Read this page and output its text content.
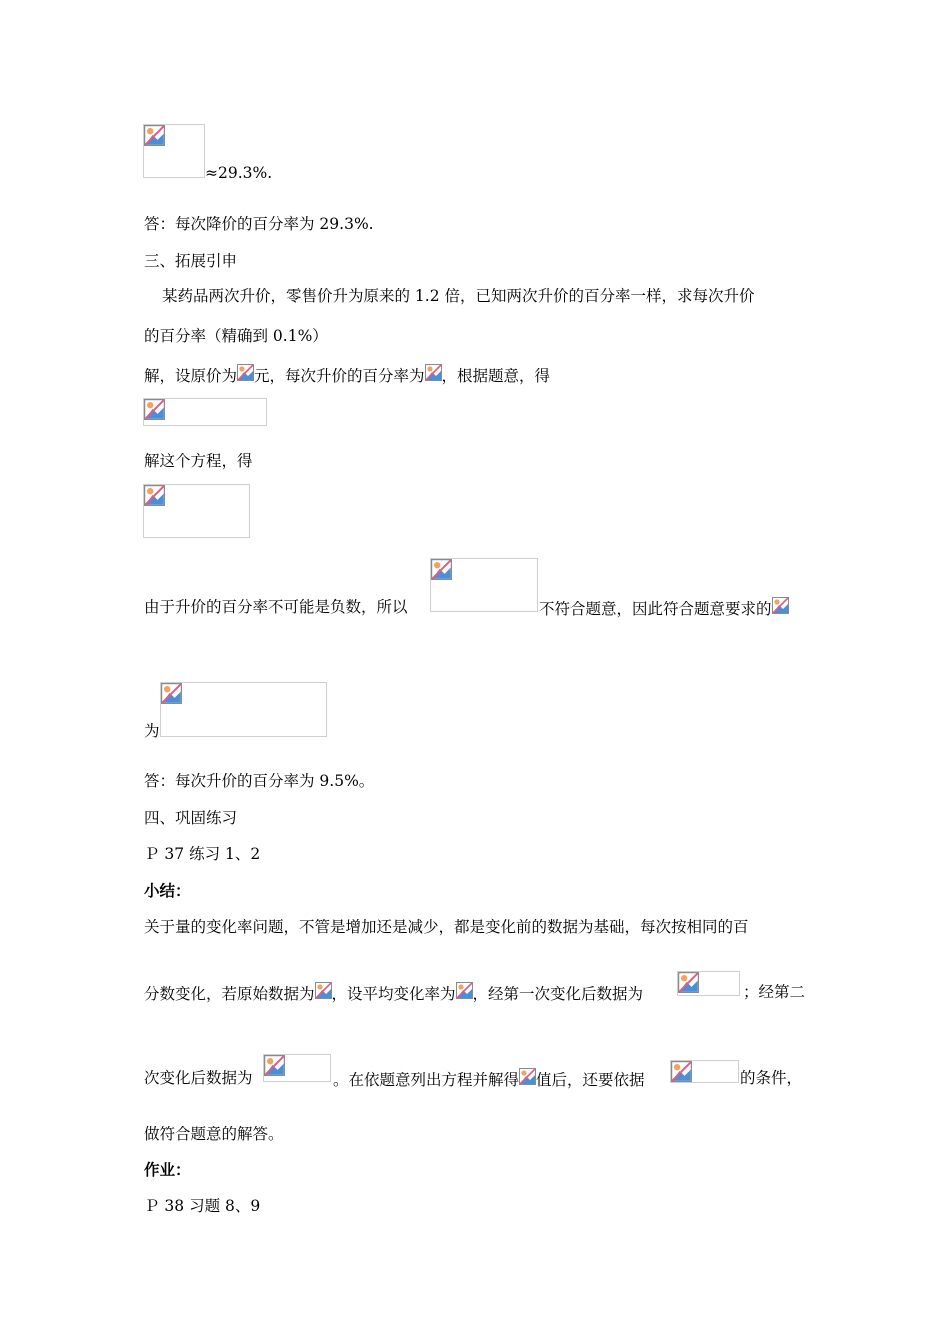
≈29.3%.
答：每次降价的百分率为 29.3%.
三、拓展引申
某药品两次升价，零售价升为原来的 1.2 倍，已知两次升价的百分率一样，求每次升价
的百分率（精确到 0.1%）
解，设原价为 元，每次升价的百分率为 ，根据题意，得
解这个方程，得
由于升价的百分率不可能是负数，所以	不符合题意，因此符合题意要求的
为
答：每次升价的百分率为 9.5%。
四、巩固练习
Ｐ 37 练习 1、2
小结：
关于量的变化率问题，不管是增加还是减少，都是变化前的数据为基础，每次按相同的百
分数变化，若原始数据为 ，设平均变化率为 ，经第一次变化后数据为	；经第二
次变化后数据为	。在依题意列出方程并解得 值后，还要依据	的条件，
做符合题意的解答。
作业：
Ｐ 38 习题 8、9
